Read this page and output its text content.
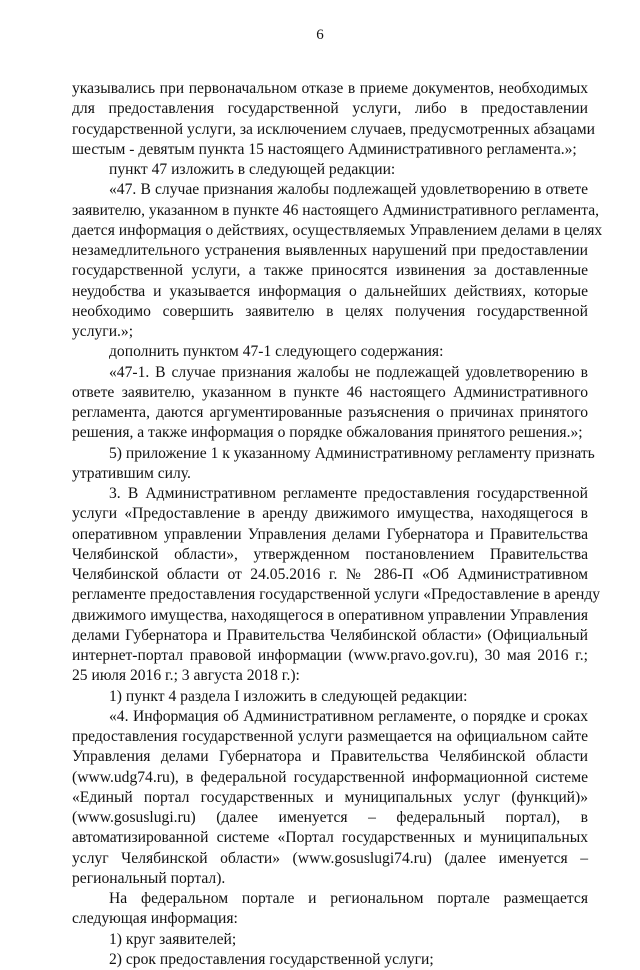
6
указывались при первоначальном отказе в приеме документов, необходимых
для предоставления государственной услуги, либо в предоставлении
государственной услуги, за исключением случаев, предусмотренных абзацами
шестым - девятым пункта 15 настоящего Административного регламента.»;
пункт 47 изложить в следующей редакции:
«47. В случае признания жалобы подлежащей удовлетворению в ответе
заявителю, указанном в пункте 46 настоящего Административного регламента,
дается информация о действиях, осуществляемых Управлением делами в целях
незамедлительного устранения выявленных нарушений при предоставлении
государственной услуги, а также приносятся извинения за доставленные
неудобства и указывается информация о дальнейших действиях, которые
необходимо совершить заявителю в целях получения государственной
услуги.»;
дополнить пунктом 47-1 следующего содержания:
«47-1. В случае признания жалобы не подлежащей удовлетворению в
ответе заявителю, указанном в пункте 46 настоящего Административного
регламента, даются аргументированные разъяснения о причинах принятого
решения, а также информация о порядке обжалования принятого решения.»;
5) приложение 1 к указанному Административному регламенту признать
утратившим силу.
3. В Административном регламенте предоставления государственной
услуги «Предоставление в аренду движимого имущества, находящегося в
оперативном управлении Управления делами Губернатора и Правительства
Челябинской области», утвержденном постановлением Правительства
Челябинской области от 24.05.2016 г. № 286-П «Об Административном
регламенте предоставления государственной услуги «Предоставление в аренду
движимого имущества, находящегося в оперативном управлении Управления
делами Губернатора и Правительства Челябинской области» (Официальный
интернет-портал правовой информации (www.pravo.gov.ru), 30 мая 2016 г.;
25 июля 2016 г.; 3 августа 2018 г.):
1) пункт 4 раздела I изложить в следующей редакции:
«4. Информация об Административном регламенте, о порядке и сроках
предоставления государственной услуги размещается на официальном сайте
Управления делами Губернатора и Правительства Челябинской области
(www.udg74.ru), в федеральной государственной информационной системе
«Единый портал государственных и муниципальных услуг (функций)»
(www.gosuslugi.ru) (далее именуется – федеральный портал), в
автоматизированной системе «Портал государственных и муниципальных
услуг Челябинской области» (www.gosuslugi74.ru) (далее именуется –
региональный портал).
На федеральном портале и региональном портале размещается
следующая информация:
1) круг заявителей;
2) срок предоставления государственной услуги;
